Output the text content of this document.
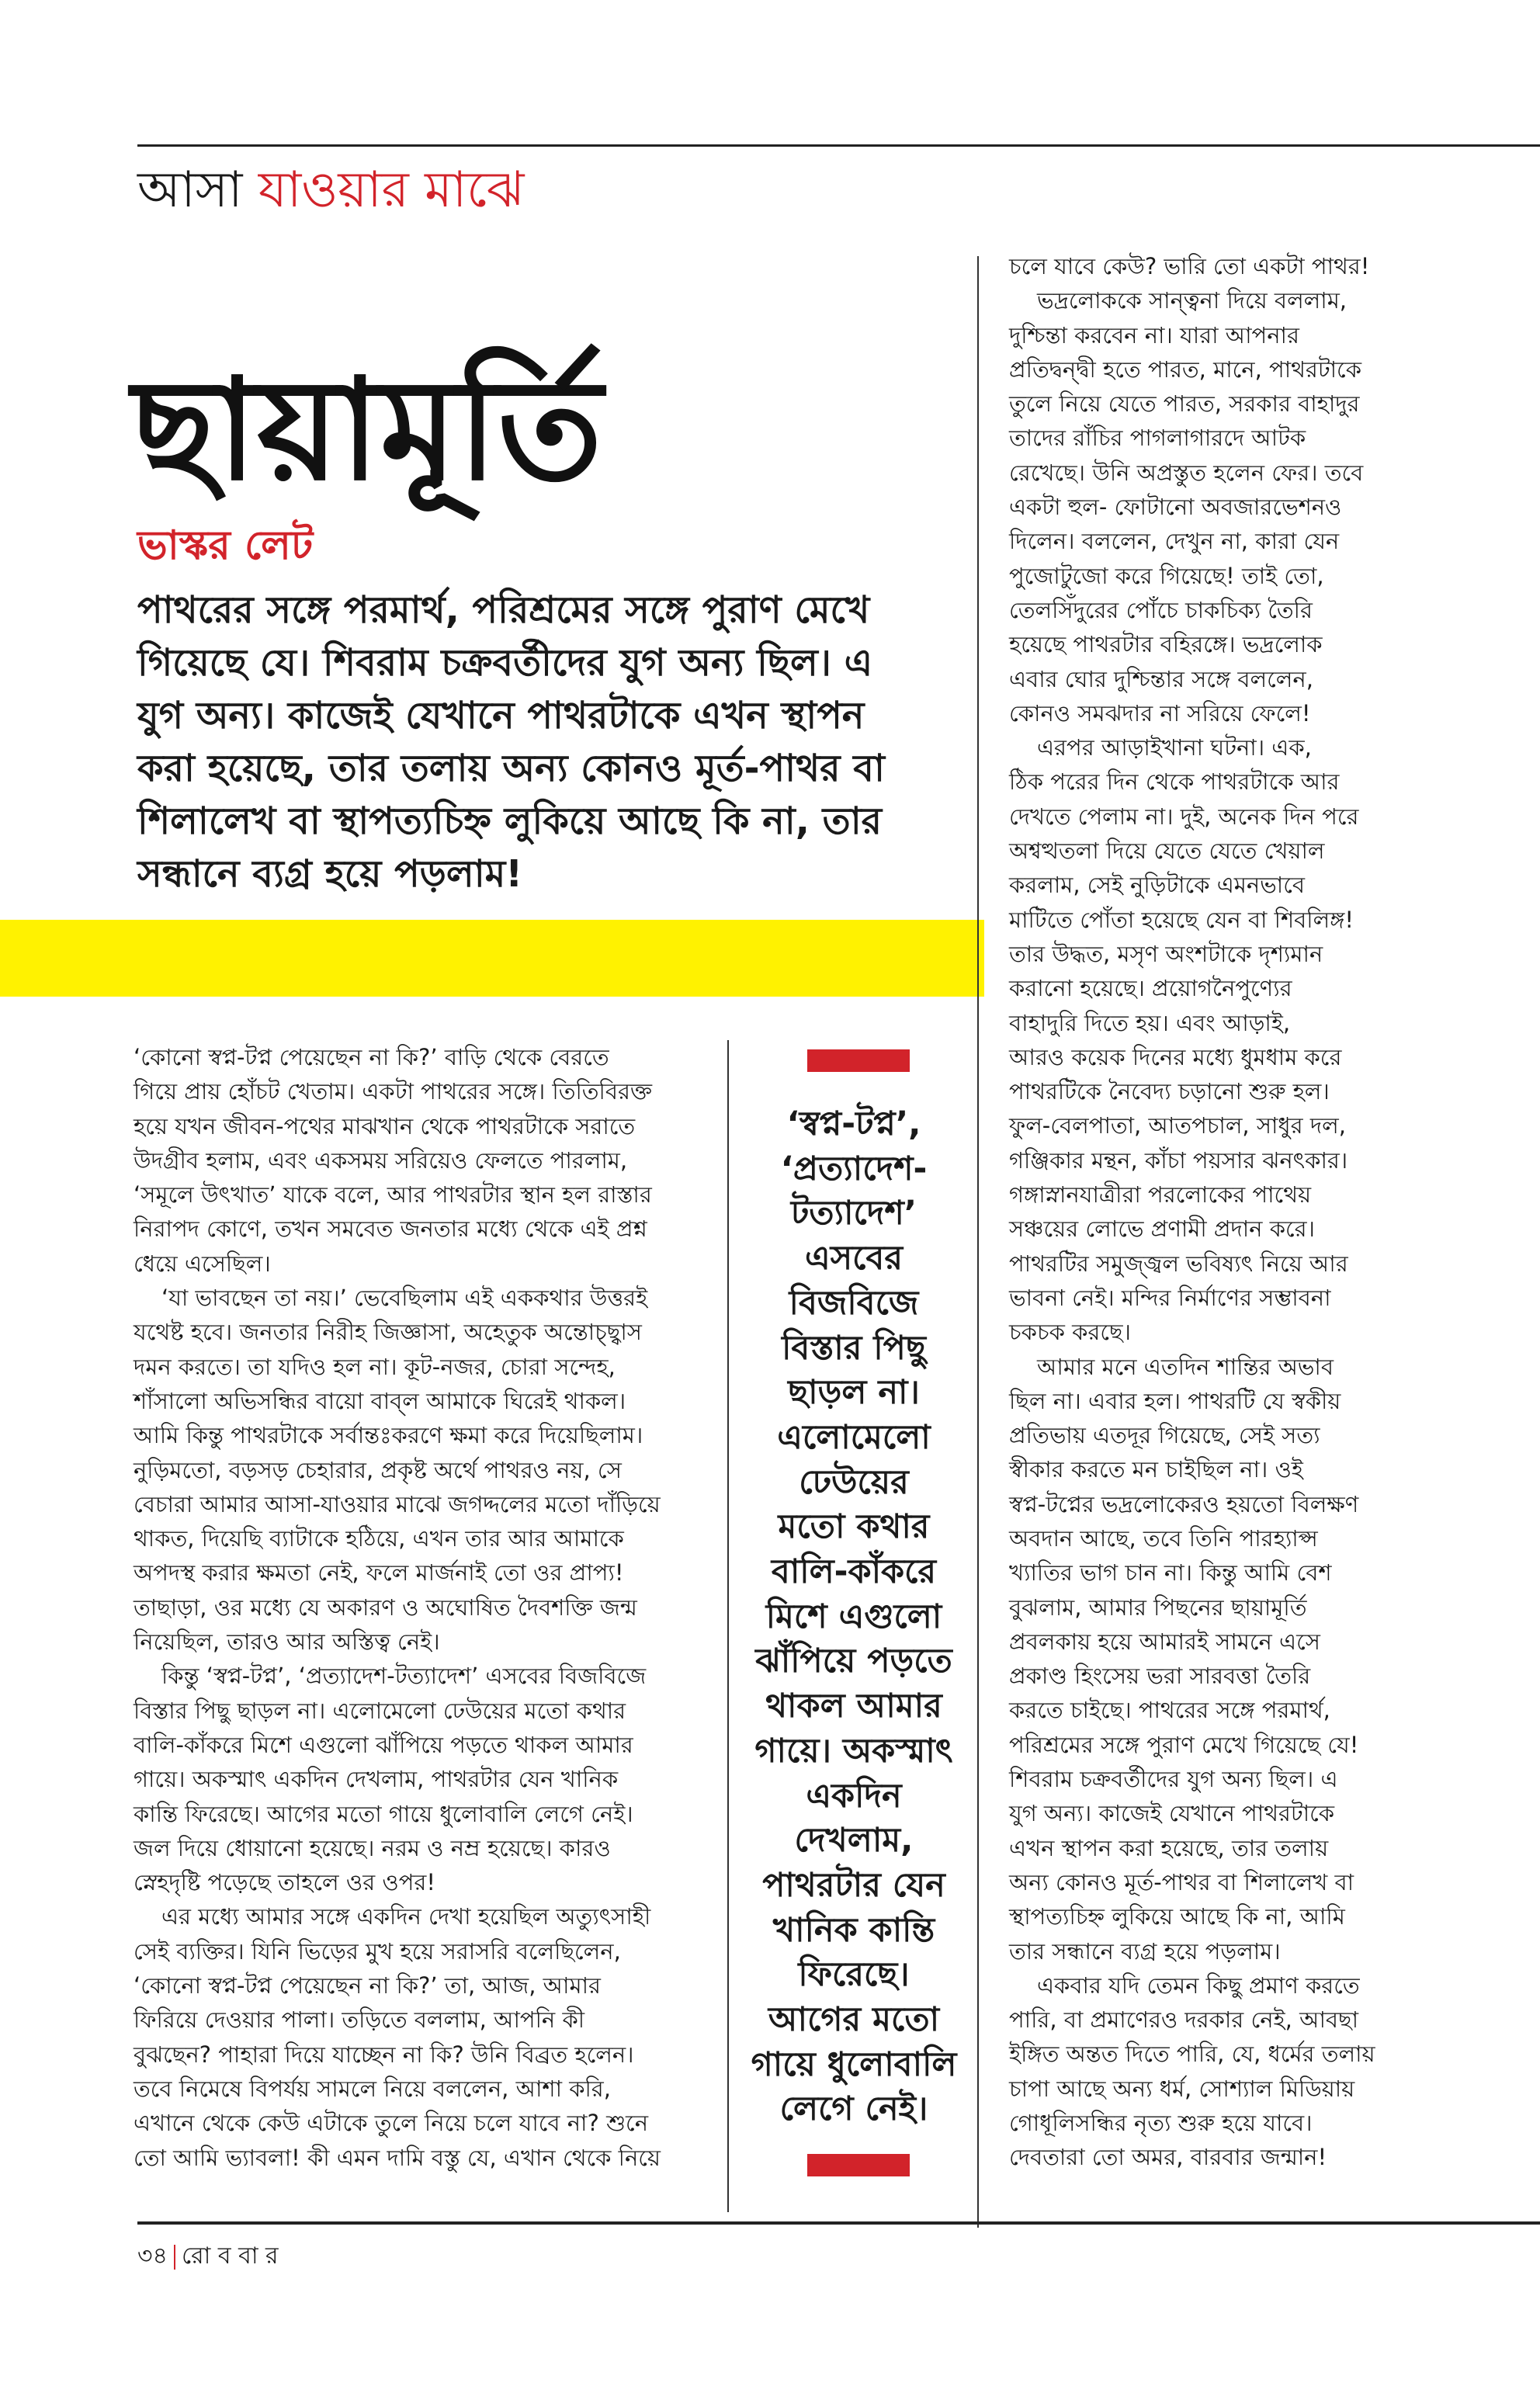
আসা যাওয়ার মাঝে
ছায়ামূর্তি
ভাস্কর লেট
পাথরের সঙ্গে পরমার্থ, পরিশ্রমের সঙ্গে পুরাণ মেখে
গিয়েছে যে। শিবরাম চক্রবর্তীদের যুগ অন্য ছিল। এ
যুগ অন্য। কাজেই যেখানে পাথরটাকে এখন স্থাপন
করা হয়েছে, তার তলায় অন্য কোনও মূর্ত-পাথর বা
শিলালেখ বা স্থাপত্যচিহ্ন লুকিয়ে আছে কি না, তার
সন্ধানে ব্যগ্র হয়ে পড়লাম!
‘কোনো স্বপ্ন-টপ্ন পেয়েছেন না কি?’ বাড়ি থেকে বেরতে
গিয়ে প্রায় হোঁচট খেতাম। একটা পাথরের সঙ্গে। তিতিবিরক্ত
হয়ে যখন জীবন-পথের মাঝখান থেকে পাথরটাকে সরাতে
উদগ্রীব হলাম, এবং একসময় সরিয়েও ফেলতে পারলাম,
‘সমূলে উৎখাত’ যাকে বলে, আর পাথরটার স্থান হল রাস্তার
নিরাপদ কোণে, তখন সমবেত জনতার মধ্যে থেকে এই প্রশ্ন
ধেয়ে এসেছিল।
‘যা ভাবছেন তা নয়।’ ভেবেছিলাম এই এককথার উত্তরই
যথেষ্ট হবে। জনতার নিরীহ জিজ্ঞাসা, অহেতুক অন্তোচ্ছ্বাস
দমন করতে। তা যদিও হল না। কূট-নজর, চোরা সন্দেহ,
শাঁসালো অভিসন্ধির বায়ো বাব্‌ল আমাকে ঘিরেই থাকল।
আমি কিন্তু পাথরটাকে সর্বান্তঃকরণে ক্ষমা করে দিয়েছিলাম।
নুড়িমতো, বড়সড় চেহারার, প্রকৃষ্ট অর্থে পাথরও নয়, সে
বেচারা আমার আসা-যাওয়ার মাঝে জগদ্দলের মতো দাঁড়িয়ে
থাকত, দিয়েছি ব্যাটাকে হঠিয়ে, এখন তার আর আমাকে
অপদস্থ করার ক্ষমতা নেই, ফলে মার্জনাই তো ওর প্রাপ্য!
তাছাড়া, ওর মধ্যে যে অকারণ ও অঘোষিত দৈবশক্তি জন্ম
নিয়েছিল, তারও আর অস্তিত্ব নেই।
কিন্তু ‘স্বপ্ন-টপ্ন’, ‘প্রত্যাদেশ-টত্যাদেশ’ এসবের বিজবিজে
বিস্তার পিছু ছাড়ল না। এলোমেলো ঢেউয়ের মতো কথার
বালি-কাঁকরে মিশে এগুলো ঝাঁপিয়ে পড়তে থাকল আমার
গায়ে। অকস্মাৎ একদিন দেখলাম, পাথরটার যেন খানিক
কান্তি ফিরেছে। আগের মতো গায়ে ধুলোবালি লেগে নেই।
জল দিয়ে ধোয়ানো হয়েছে। নরম ও নম্র হয়েছে। কারও
স্নেহদৃষ্টি পড়েছে তাহলে ওর ওপর!
এর মধ্যে আমার সঙ্গে একদিন দেখা হয়েছিল অত্যুৎসাহী
সেই ব্যক্তির। যিনি ভিড়ের মুখ হয়ে সরাসরি বলেছিলেন,
‘কোনো স্বপ্ন-টপ্ন পেয়েছেন না কি?’ তা, আজ, আমার
ফিরিয়ে দেওয়ার পালা। তড়িতে বললাম, আপনি কী
বুঝছেন? পাহারা দিয়ে যাচ্ছেন না কি? উনি বিব্রত হলেন।
তবে নিমেষে বিপর্যয় সামলে নিয়ে বললেন, আশা করি,
এখানে থেকে কেউ এটাকে তুলে নিয়ে চলে যাবে না? শুনে
তো আমি ভ্যাবলা! কী এমন দামি বস্তু যে, এখান থেকে নিয়ে
‘স্বপ্ন-টপ্ন’,
‘প্রত্যাদেশ-
টত্যাদেশ’
এসবের
বিজবিজে
বিস্তার পিছু
ছাড়ল না।
এলোমেলো
ঢেউয়ের
মতো কথার
বালি-কাঁকরে
মিশে এগুলো
ঝাঁপিয়ে পড়তে
থাকল আমার
গায়ে। অকস্মাৎ
একদিন
দেখলাম,
পাথরটার যেন
খানিক কান্তি
ফিরেছে।
আগের মতো
গায়ে ধুলোবালি
লেগে নেই।
চলে যাবে কেউ? ভারি তো একটা পাথর!
ভদ্রলোককে সান্ত্বনা দিয়ে বললাম,
দুশ্চিন্তা করবেন না। যারা আপনার
প্রতিদ্বন্দ্বী হতে পারত, মানে, পাথরটাকে
তুলে নিয়ে যেতে পারত, সরকার বাহাদুর
তাদের রাঁচির পাগলাগারদে আটক
রেখেছে। উনি অপ্রস্তুত হলেন ফের। তবে
একটা হুল- ফোটানো অবজারভেশনও
দিলেন। বললেন, দেখুন না, কারা যেন
পুজোটুজো করে গিয়েছে! তাই তো,
তেলসিঁদুরের পোঁচে চাকচিক্য তৈরি
হয়েছে পাথরটার বহিরঙ্গে। ভদ্রলোক
এবার ঘোর দুশ্চিন্তার সঙ্গে বললেন,
কোনও সমঝদার না সরিয়ে ফেলে!
এরপর আড়াইখানা ঘটনা। এক,
ঠিক পরের দিন থেকে পাথরটাকে আর
দেখতে পেলাম না। দুই, অনেক দিন পরে
অশ্বত্থতলা দিয়ে যেতে যেতে খেয়াল
করলাম, সেই নুড়িটাকে এমনভাবে
মাটিতে পোঁতা হয়েছে যেন বা শিবলিঙ্গ!
তার উদ্ধত, মসৃণ অংশটাকে দৃশ্যমান
করানো হয়েছে। প্রয়োগনৈপুণ্যের
বাহাদুরি দিতে হয়। এবং আড়াই,
আরও কয়েক দিনের মধ্যে ধুমধাম করে
পাথরটিকে নৈবেদ্য চড়ানো শুরু হল।
ফুল-বেলপাতা, আতপচাল, সাধুর দল,
গঞ্জিকার মন্থন, কাঁচা পয়সার ঝনৎকার।
গঙ্গাস্নানযাত্রীরা পরলোকের পাথেয়
সঞ্চয়ের লোভে প্রণামী প্রদান করে।
পাথরটির সমুজ্জ্বল ভবিষ্যৎ নিয়ে আর
ভাবনা নেই। মন্দির নির্মাণের সম্ভাবনা
চকচক করছে।
আমার মনে এতদিন শান্তির অভাব
ছিল না। এবার হল। পাথরটি যে স্বকীয়
প্রতিভায় এতদূর গিয়েছে, সেই সত্য
স্বীকার করতে মন চাইছিল না। ওই
স্বপ্ন-টপ্নের ভদ্রলোকেরও হয়তো বিলক্ষণ
অবদান আছে, তবে তিনি পারহ্যাপ্স
খ্যাতির ভাগ চান না। কিন্তু আমি বেশ
বুঝলাম, আমার পিছনের ছায়ামূর্তি
প্রবলকায় হয়ে আমারই সামনে এসে
প্রকাণ্ড হিংসেয় ভরা সারবত্তা তৈরি
করতে চাইছে। পাথরের সঙ্গে পরমার্থ,
পরিশ্রমের সঙ্গে পুরাণ মেখে গিয়েছে যে!
শিবরাম চক্রবর্তীদের যুগ অন্য ছিল। এ
যুগ অন্য। কাজেই যেখানে পাথরটাকে
এখন স্থাপন করা হয়েছে, তার তলায়
অন্য কোনও মূর্ত-পাথর বা শিলালেখ বা
স্থাপত্যচিহ্ন লুকিয়ে আছে কি না, আমি
তার সন্ধানে ব্যগ্র হয়ে পড়লাম।
একবার যদি তেমন কিছু প্রমাণ করতে
পারি, বা প্রমাণেরও দরকার নেই, আবছা
ইঙ্গিত অন্তত দিতে পারি, যে, ধর্মের তলায়
চাপা আছে অন্য ধর্ম, সোশ্যাল মিডিয়ায়
গোধূলিসন্ধির নৃত্য শুরু হয়ে যাবে।
দেবতারা তো অমর, বারবার জন্মান!
৩৪ রো ব বা র
